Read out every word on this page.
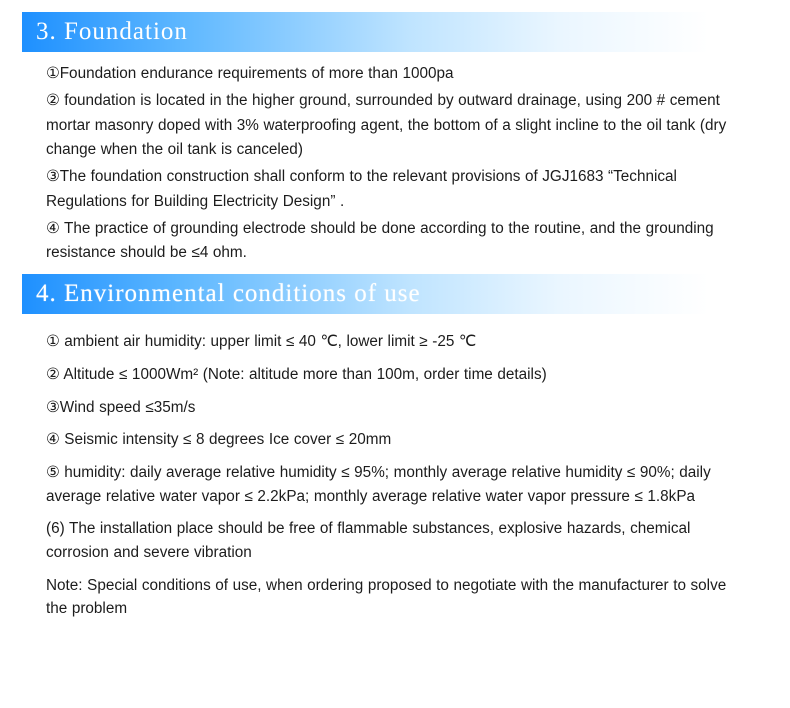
3. Foundation

①Foundation endurance requirements of more than 1000pa

② foundation is located in the higher ground, surrounded by outward drainage, using 200 # cement mortar masonry doped with 3% waterproofing agent, the bottom of a slight incline to the oil tank (dry change when the oil tank is canceled)

③The foundation construction shall conform to the relevant provisions of JGJ1683 “Technical Regulations for Building Electricity Design” .

④ The practice of grounding electrode should be done according to the routine, and the grounding resistance should be ≤4 ohm.

4. Environmental conditions of use

① ambient air humidity: upper limit ≤ 40 ℃, lower limit ≥ -25 ℃

② Altitude ≤ 1000Wm² (Note: altitude more than 100m, order time details)

③Wind speed ≤35m/s

④ Seismic intensity ≤ 8 degrees Ice cover ≤ 20mm

⑤ humidity: daily average relative humidity ≤ 95%; monthly average relative humidity ≤ 90%; daily average relative water vapor ≤ 2.2kPa; monthly average relative water vapor pressure ≤ 1.8kPa

(6) The installation place should be free of flammable substances, explosive hazards, chemical corrosion and severe vibration

Note: Special conditions of use, when ordering proposed to negotiate with the manufacturer to solve the problem
